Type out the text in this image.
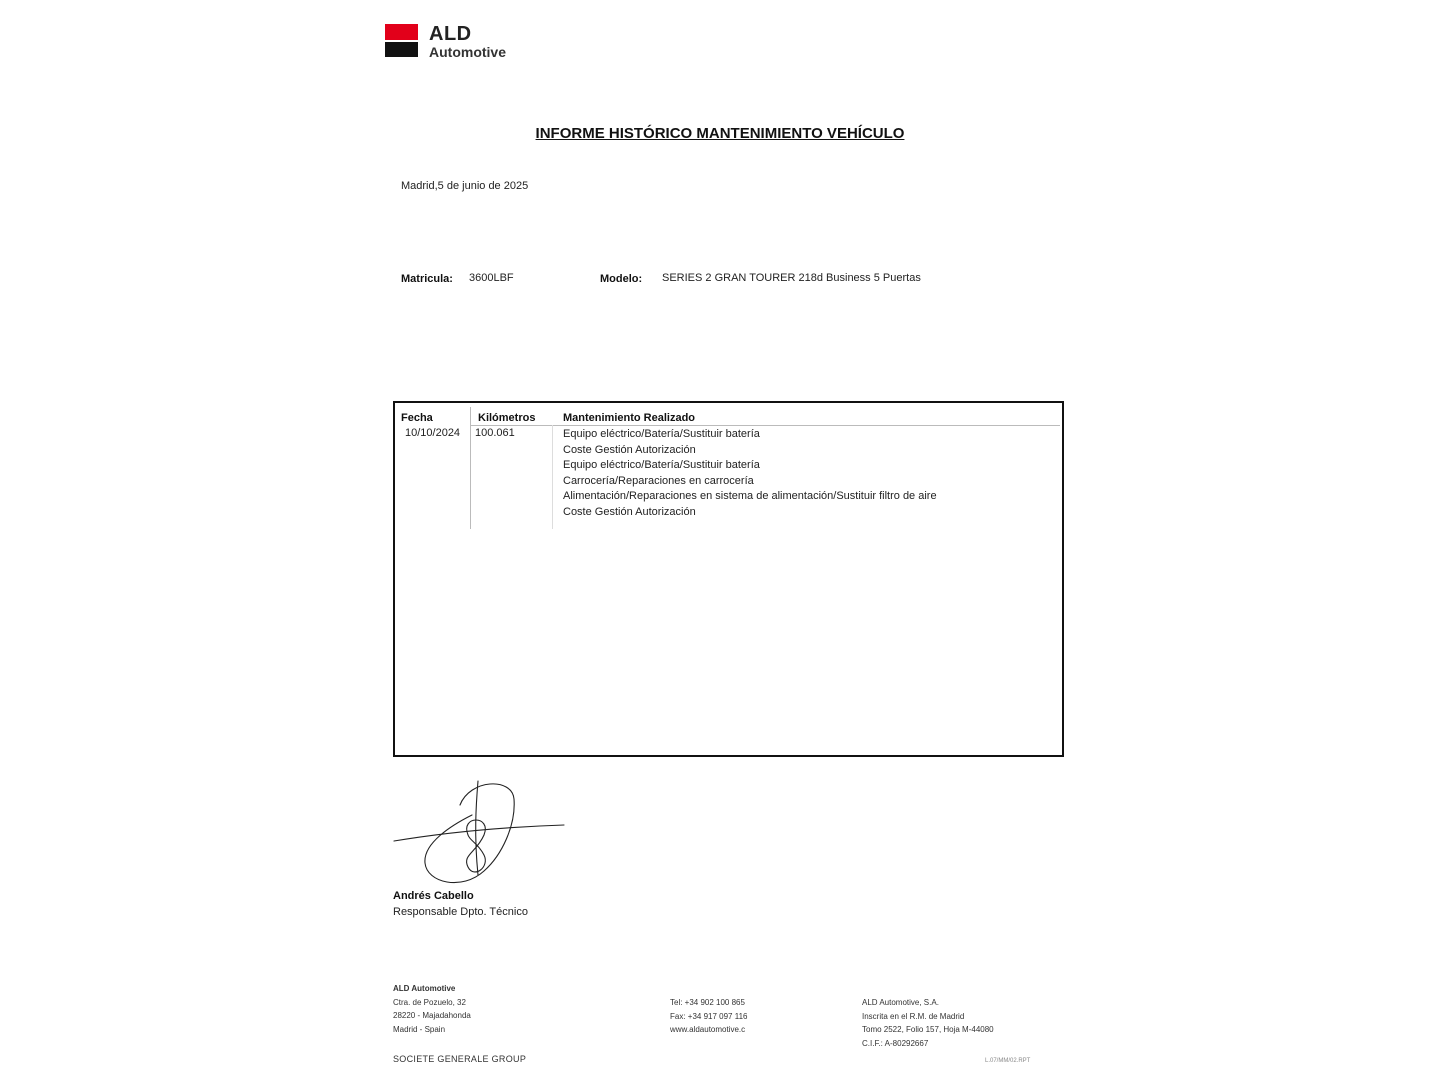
ALD
Automotive
INFORME HISTÓRICO MANTENIMIENTO VEHÍCULO
Madrid,5 de junio de 2025
Matricula: 3600LBF	Modelo: SERIES 2 GRAN TOURER 218d Business 5 Puertas
Fecha	Kilómetros	Mantenimiento Realizado
10/10/2024 100.061	Equipo eléctrico/Batería/Sustituir batería
Coste Gestión Autorización
Equipo eléctrico/Batería/Sustituir batería
Carrocería/Reparaciones en carrocería
Alimentación/Reparaciones en sistema de alimentación/Sustituir filtro de aire
Coste Gestión Autorización
Andrés Cabello
Responsable Dpto. Técnico
ALD Automotive
Ctra. de Pozuelo, 32
28220 - Majadahonda
Madrid - Spain
Tel: +34 902 100 865
Fax: +34 917 097 116
www.aldautomotive.c
ALD Automotive, S.A.
Inscrita en el R.M. de Madrid
Tomo 2522, Folio 157, Hoja M-44080
C.I.F.: A-80292667
SOCIETE GENERALE GROUP	L.07/MM/02.RPT
